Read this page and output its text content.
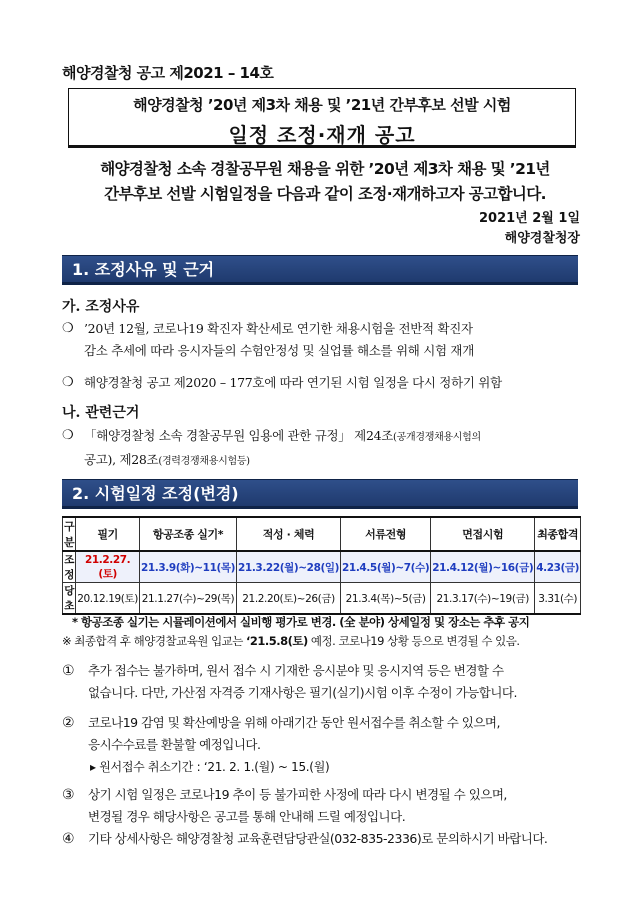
해양경찰청 공고 제2021 – 14호
해양경찰청 ’20년 제3차 채용 및 ’21년 간부후보 선발 시험
일정 조정·재개 공고
해양경찰청 소속 경찰공무원 채용을 위한 ’20년 제3차 채용 및 ’21년
간부후보 선발 시험일정을 다음과 같이 조정·재개하고자 공고합니다.
2021년 2월 1일
해양경찰청장
1. 조정사유 및 근거
가. 조정사유
❍ ’20년 12월, 코로나19 확진자 확산세로 연기한 채용시험을 전반적 확진자
감소 추세에 따라 응시자들의 수험안정성 및 실업률 해소를 위해 시험 재개
❍ 해양경찰청 공고 제2020 – 177호에 따라 연기된 시험 일정을 다시 정하기 위함
나. 관련근거
❍ 「해양경찰청 소속 경찰공무원 임용에 관한 규정」 제24조(공개경쟁채용시험의
공고), 제28조(경력경쟁채용시험등)
2. 시험일정 조정(변경)
구분	필기	항공조종 실기*	적성 · 체력	서류전형	면접시험	최종합격
조정	21.2.27.(토)	21.3.9(화)~11(목)	21.3.22(월)~28(일)	21.4.5(월)~7(수)	21.4.12(월)~16(금)	4.23(금)
당초	20.12.19(토)	21.1.27(수)~29(목)	21.2.20(토)~26(금)	21.3.4(목)~5(금)	21.3.17(수)~19(금)	3.31(수)
* 항공조종 실기는 시뮬레이션에서 실비행 평가로 변경. (全 분야) 상세일정 및 장소는 추후 공지
※ 최종합격 후 해양경찰교육원 입교는 ‘21.5.8(토) 예정. 코로나19 상황 등으로 변경될 수 있음.
① 추가 접수는 불가하며, 원서 접수 시 기재한 응시분야 및 응시지역 등은 변경할 수
없습니다. 다만, 가산점 자격증 기재사항은 필기(실기)시험 이후 수정이 가능합니다.
② 코로나19 감염 및 확산예방을 위해 아래기간 동안 원서접수를 취소할 수 있으며,
응시수수료를 환불할 예정입니다.
▸ 원서접수 취소기간 : ‘21. 2. 1.(월) ~ 15.(월)
③ 상기 시험 일정은 코로나19 추이 등 불가피한 사정에 따라 다시 변경될 수 있으며,
변경될 경우 해당사항은 공고를 통해 안내해 드릴 예정입니다.
④ 기타 상세사항은 해양경찰청 교육훈련담당관실(032-835-2336)로 문의하시기 바랍니다.
